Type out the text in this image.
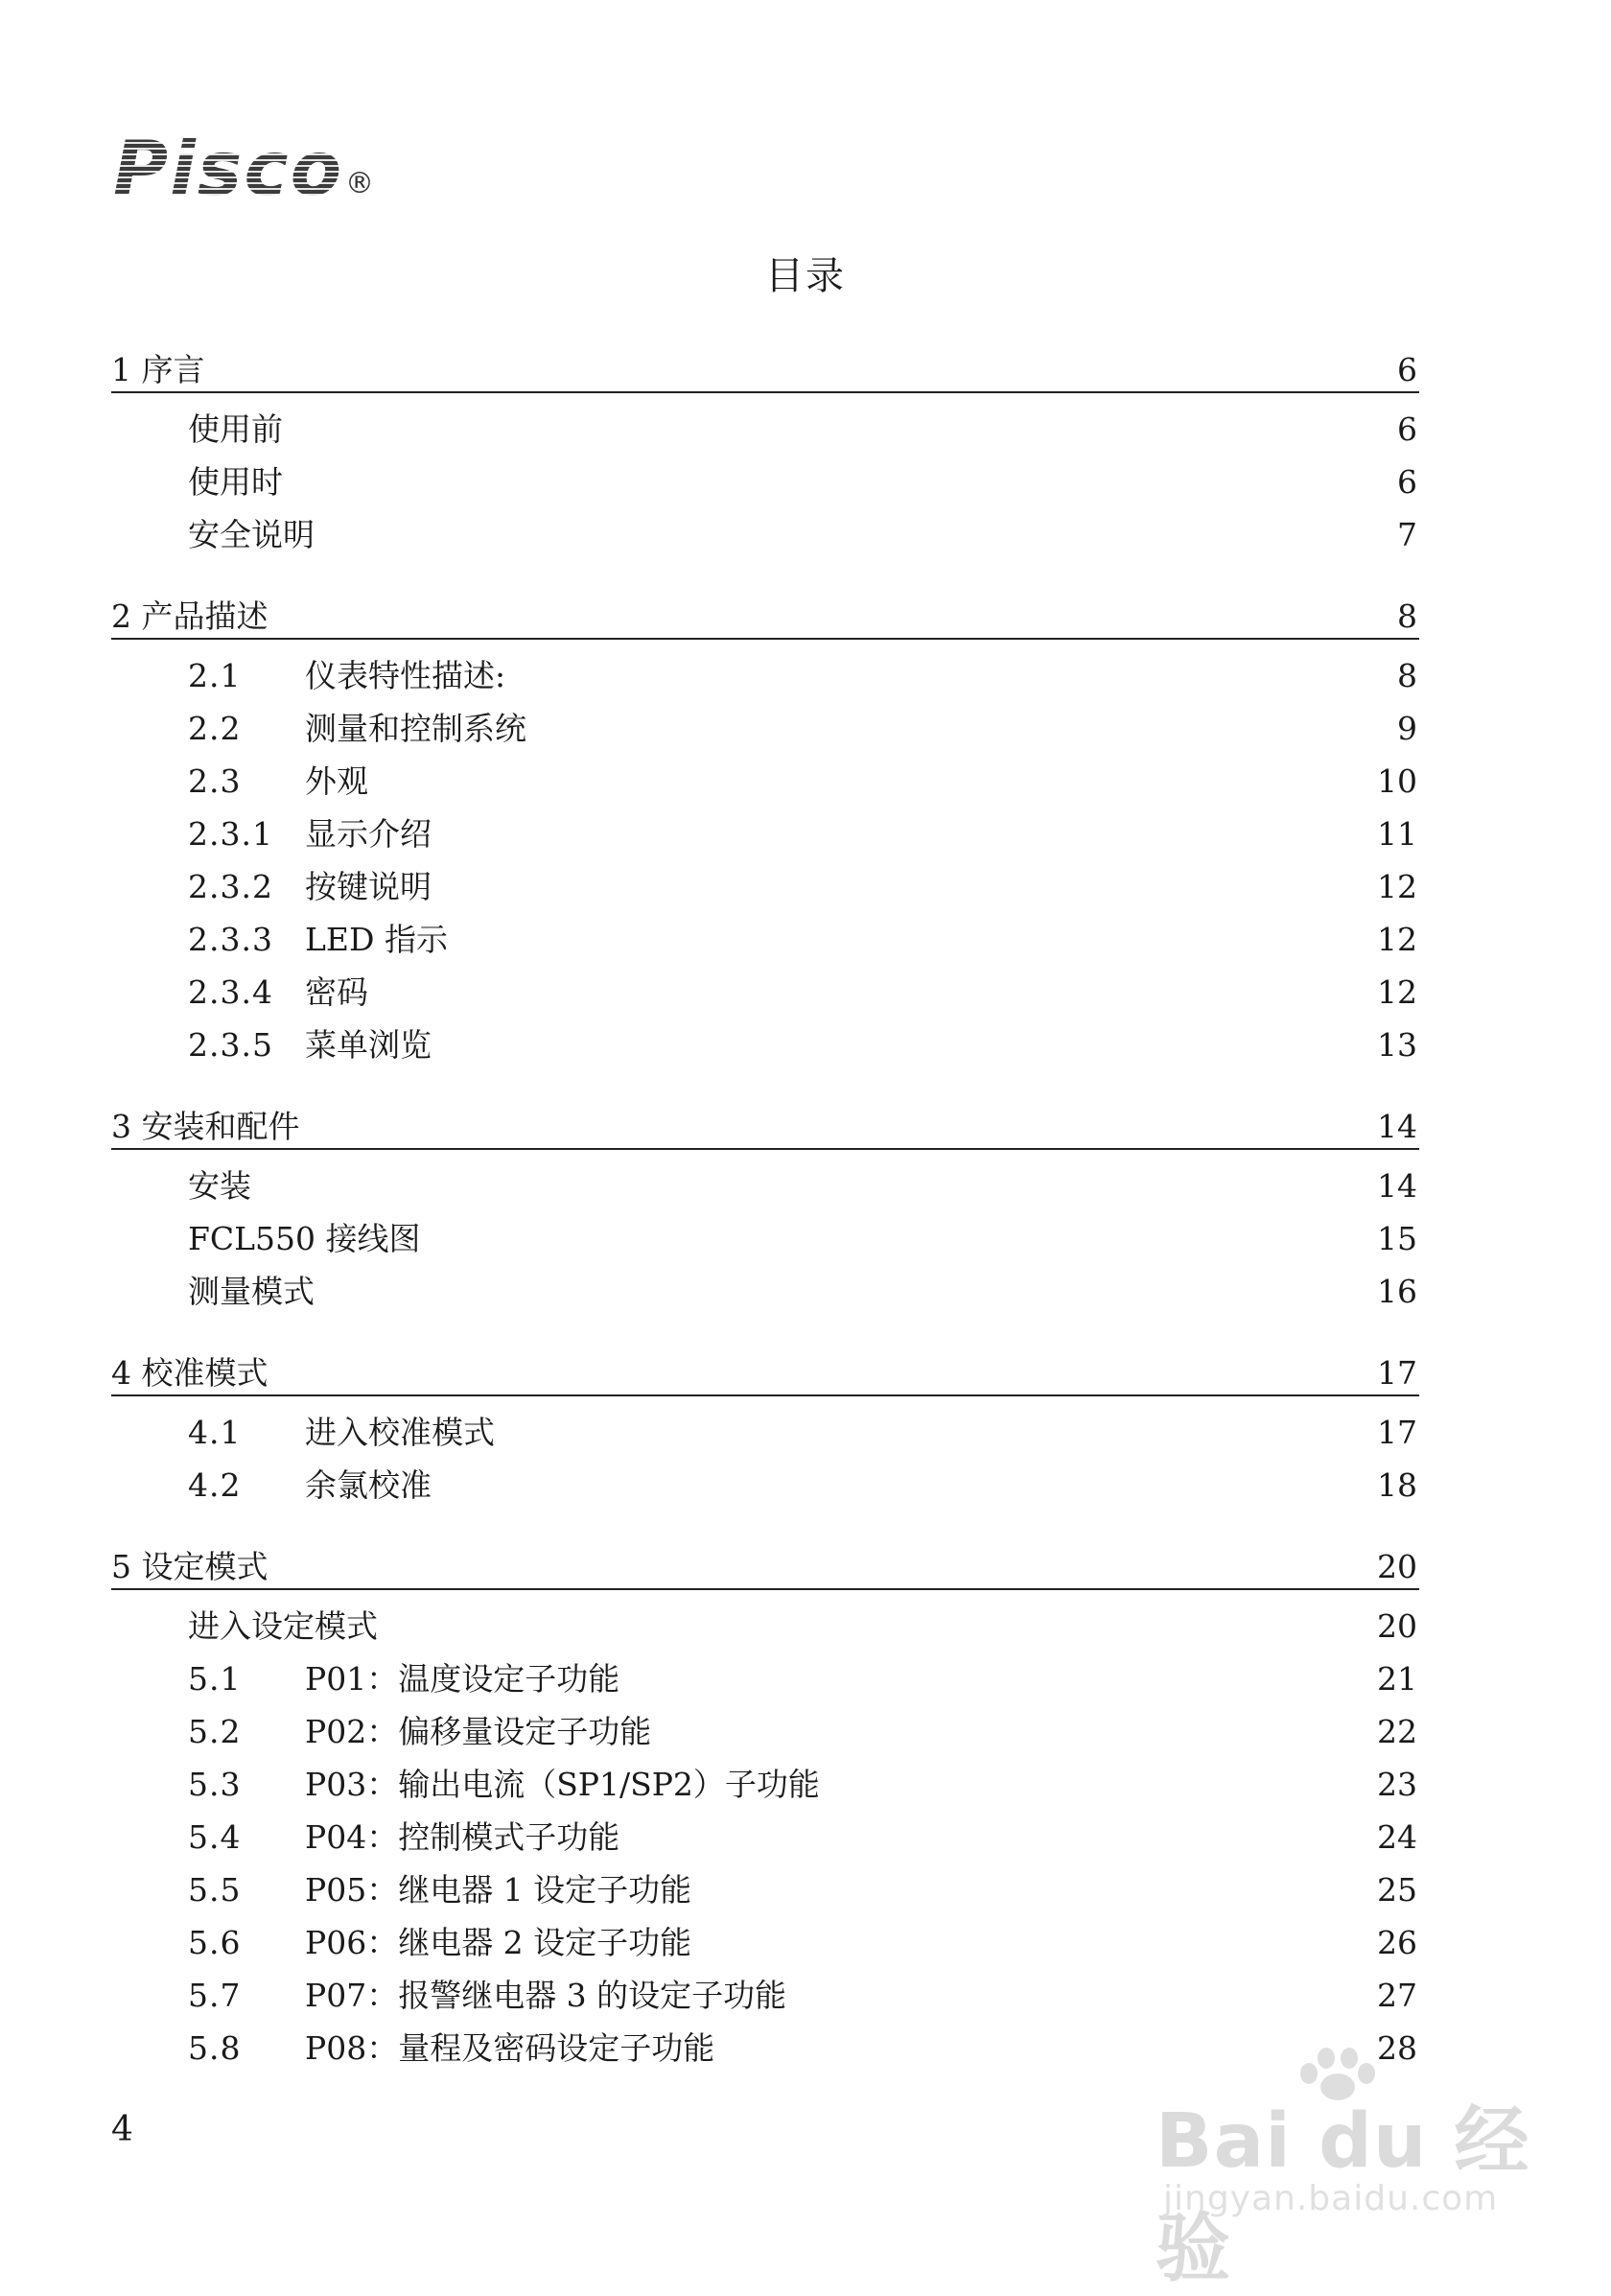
Pisco ®
目录
1 序言	6
使用前	6
使用时	6
安全说明	7
2 产品描述	8
2.1	仪表特性描述:	8
2.2	测量和控制系统	9
2.3	外观	10
2.3.1	显示介绍	11
2.3.2	按键说明	12
2.3.3	LED 指示	12
2.3.4	密码	12
2.3.5	菜单浏览	13
3 安装和配件	14
安装	14
FCL550 接线图	15
测量模式	16
4 校准模式	17
4.1	进入校准模式	17
4.2	余氯校准	18
5 设定模式	20
进入设定模式	20
5.1	P01：温度设定子功能	21
5.2	P02：偏移量设定子功能	22
5.3	P03：输出电流（SP1/SP2）子功能	23
5.4	P04：控制模式子功能	24
5.5	P05：继电器 1 设定子功能	25
5.6	P06：继电器 2 设定子功能	26
5.7	P07：报警继电器 3 的设定子功能	27
5.8	P08：量程及密码设定子功能	28
4	Bai du 经验
jingyan.baidu.com
